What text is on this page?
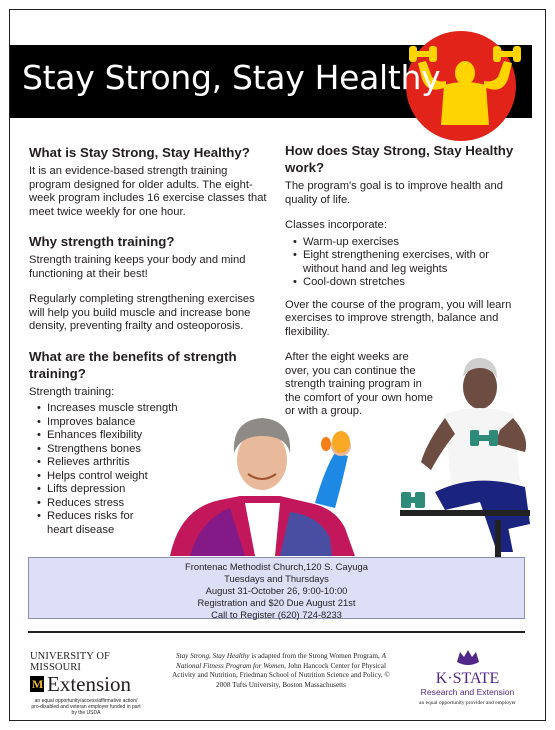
Stay Strong, Stay Healthy
What is Stay Strong, Stay Healthy?

It is an evidence-based strength training program designed for older adults. The eight-week program includes 16 exercise classes that meet twice weekly for one hour.

Why strength training?

Strength training keeps your body and mind functioning at their best!

Regularly completing strengthening exercises will help you build muscle and increase bone density, preventing frailty and osteoporosis.

What are the benefits of strength training?
Strength training:
• Increases muscle strength
• Improves balance
• Enhances flexibility
• Strengthens bones
• Relieves arthritis
• Helps control weight
• Lifts depression
• Reduces stress
• Reduces risks for heart disease
How does Stay Strong, Stay Healthy work?

The program's goal is to improve health and quality of life.

Classes incorporate:
• Warm-up exercises
• Eight strengthening exercises, with or without hand and leg weights
• Cool-down stretches

Over the course of the program, you will learn exercises to improve strength, balance and flexibility.

After the eight weeks are over, you can continue the strength training program in the comfort of your own home or with a group.

Frontenac Methodist Church,120 S. Cayuga
Tuesdays and Thursdays
August 31-October 26, 9:00-10:00
Registration and $20 Due August 21st
Call to Register (620) 724-8233
UNIVERSITY OF MISSOURI
M Extension
an equal opportunity/access/affirmative action/ pro-disabled and veteran employer funded in part by the USDA
Stay Strong, Stay Healthy is adapted from the Strong Women Program, A National Fitness Program for Women, John Hancock Center for Physical Activity and Nutrition, Friedman School of Nutrition Science and Policy, © 2008 Tufts University, Boston Massachusetts	K·STATE
Research and Extension
an equal opportunity provider and employer
